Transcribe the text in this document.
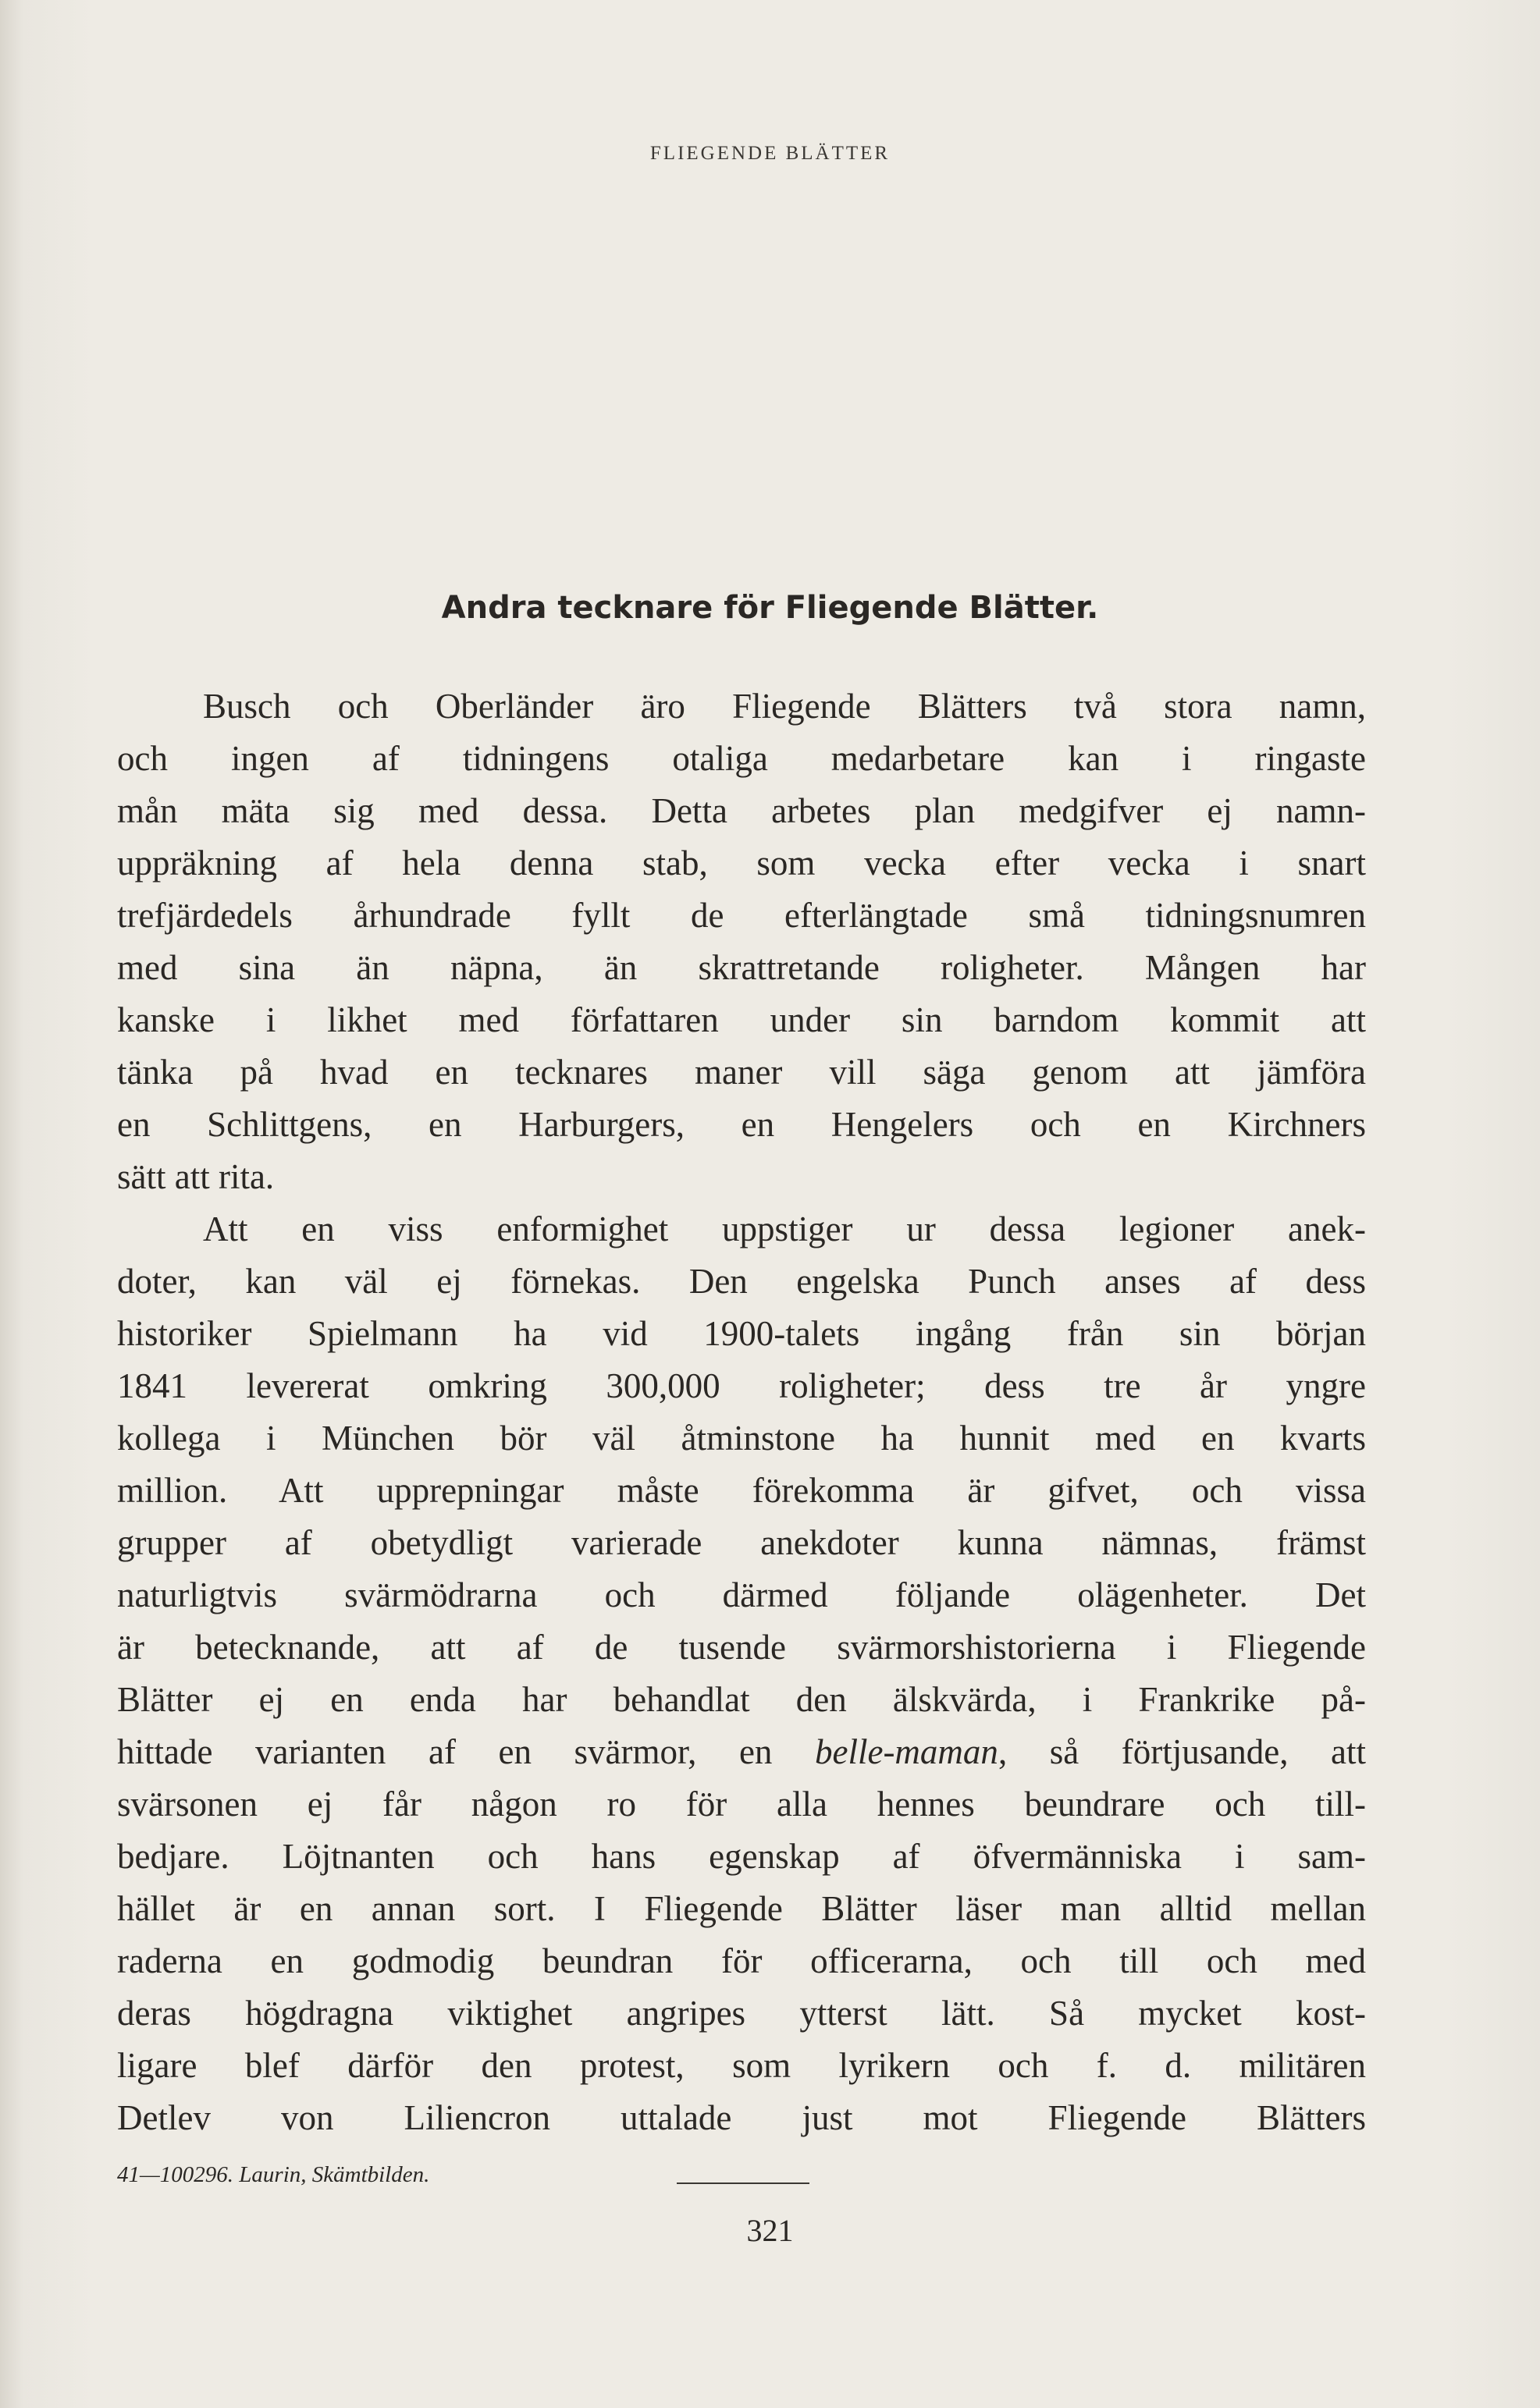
FLIEGENDE BLÄTTER
Andra tecknare för Fliegende Blätter.
Busch och Oberländer äro Fliegende Blätters två stora namn,
och ingen af tidningens otaliga medarbetare kan i ringaste
mån mäta sig med dessa. Detta arbetes plan medgifver ej namn-
uppräkning af hela denna stab, som vecka efter vecka i snart
trefjärdedels århundrade fyllt de efterlängtade små tidningsnumren
med sina än näpna, än skrattretande roligheter. Mången har
kanske i likhet med författaren under sin barndom kommit att
tänka på hvad en tecknares maner vill säga genom att jämföra
en Schlittgens, en Harburgers, en Hengelers och en Kirchners
sätt att rita.
Att en viss enformighet uppstiger ur dessa legioner anek-
doter, kan väl ej förnekas. Den engelska Punch anses af dess
historiker Spielmann ha vid 1900-talets ingång från sin början
1841 levererat omkring 300,000 roligheter; dess tre år yngre
kollega i München bör väl åtminstone ha hunnit med en kvarts
million. Att upprepningar måste förekomma är gifvet, och vissa
grupper af obetydligt varierade anekdoter kunna nämnas, främst
naturligtvis svärmödrarna och därmed följande olägenheter. Det
är betecknande, att af de tusende svärmorshistorierna i Fliegende
Blätter ej en enda har behandlat den älskvärda, i Frankrike på-
hittade varianten af en svärmor, en belle-maman, så förtjusande, att
svärsonen ej får någon ro för alla hennes beundrare och till-
bedjare. Löjtnanten och hans egenskap af öfvermänniska i sam-
hället är en annan sort. I Fliegende Blätter läser man alltid mellan
raderna en godmodig beundran för officerarna, och till och med
deras högdragna viktighet angripes ytterst lätt. Så mycket kost-
ligare blef därför den protest, som lyrikern och f. d. militären
Detlev von Liliencron uttalade just mot Fliegende Blätters
41—100296. Laurin, Skämtbilden.
321
